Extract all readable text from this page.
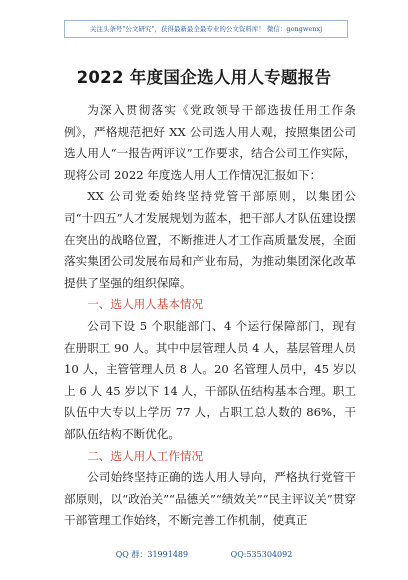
关注头条号"公文研究"，获得最新最全最专业的公文资料库！ 微信：gongwenxj
2022 年度国企选人用人专题报告

为深入贯彻落实《党政领导干部选拔任用工作条例》，严格规范把好 XX 公司选人用人观，按照集团公司选人用人“一报告两评议”工作要求，结合公司工作实际，现将公司 2022 年度选人用人工作情况汇报如下：

XX 公司党委始终坚持党管干部原则，以集团公司“十四五”人才发展规划为蓝本，把干部人才队伍建设摆在突出的战略位置，不断推进人才工作高质量发展，全面落实集团公司发展布局和产业布局，为推动集团深化改革提供了坚强的组织保障。

一、选人用人基本情况

公司下设 5 个职能部门、4 个运行保障部门，现有在册职工 90 人。其中中层管理人员 4 人，基层管理人员 10 人，主管管理人员 8 人。20 名管理人员中，45 岁以上 6 人 45 岁以下 14 人，干部队伍结构基本合理。职工队伍中大专以上学历 77 人，占职工总人数的 86%，干部队伍结构不断优化。

二、选人用人工作情况

公司始终坚持正确的选人用人导向，严格执行党管干部原则，以“政治关”“品德关”“绩效关”“民主评议关”贯穿干部管理工作始终，不断完善工作机制，使真正

QQ 群：31991489	QQ:535304092
